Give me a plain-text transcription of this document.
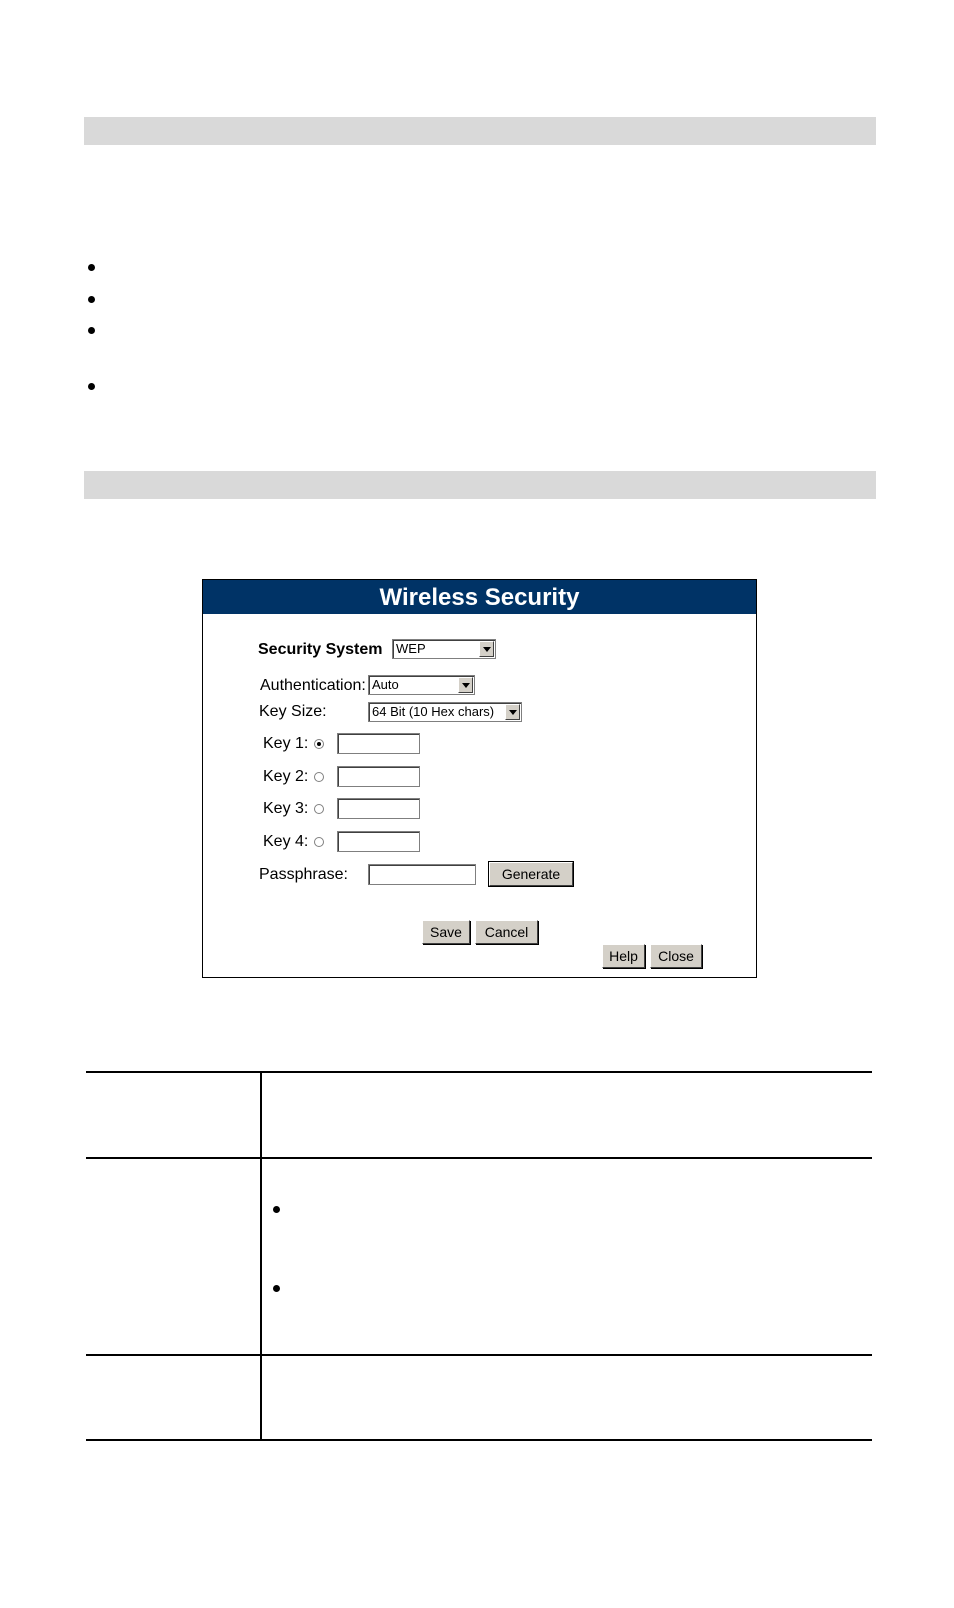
Wireless Security
Security System WEP
Authentication: Auto
Key Size:	64 Bit (10 Hex chars)
Key 1:
Key 2:
Key 3:
Key 4:
Passphrase:	Generate
Save	Cancel
Help	Close
